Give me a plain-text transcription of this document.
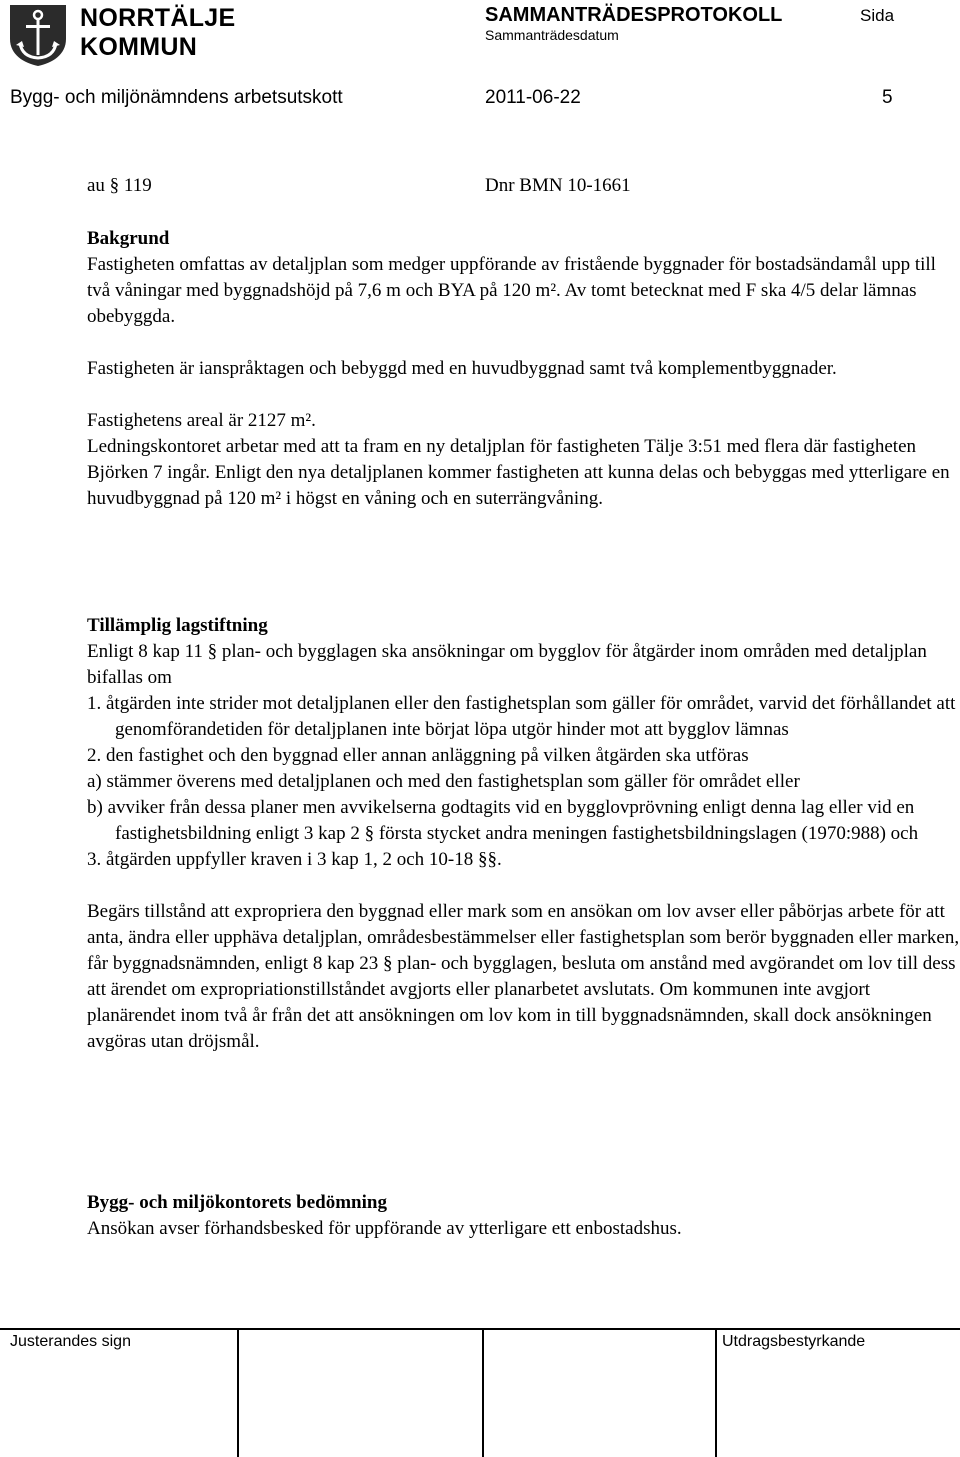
NORRTÄLJE
KOMMUN
SAMMANTRÄDESPROTOKOLL
Sammanträdesdatum
Sida
Bygg- och miljönämndens arbetsutskott	2011-06-22	5
au § 119	Dnr BMN 10-1661

Bakgrund

Fastigheten omfattas av detaljplan som medger uppförande av fristående byggnader för bostadsändamål upp till två våningar med byggnadshöjd på 7,6 m och BYA på 120 m². Av tomt betecknat med F ska 4/5 delar lämnas obebyggda.

Fastigheten är ianspråktagen och bebyggd med en huvudbyggnad samt två komplementbyggnader.

Fastighetens areal är 2127 m².

Ledningskontoret arbetar med att ta fram en ny detaljplan för fastigheten Tälje 3:51 med flera där fastigheten Björken 7 ingår. Enligt den nya detaljplanen kommer fastigheten att kunna delas och bebyggas med ytterligare en huvudbyggnad på 120 m² i högst en våning och en suterrängvåning.

Tillämplig lagstiftning

Enligt 8 kap 11 § plan- och bygglagen ska ansökningar om bygglov för åtgärder inom områden med detaljplan bifallas om

1. åtgärden inte strider mot detaljplanen eller den fastighetsplan som gäller för området, varvid det förhållandet att genomförandetiden för detaljplanen inte börjat löpa utgör hinder mot att bygglov lämnas

2. den fastighet och den byggnad eller annan anläggning på vilken åtgärden ska utföras

a) stämmer överens med detaljplanen och med den fastighetsplan som gäller för området eller

b) avviker från dessa planer men avvikelserna godtagits vid en bygglovprövning enligt denna lag eller vid en fastighetsbildning enligt 3 kap 2 § första stycket andra meningen fastighetsbildningslagen (1970:988) och

3. åtgärden uppfyller kraven i 3 kap 1, 2 och 10-18 §§.

Begärs tillstånd att expropriera den byggnad eller mark som en ansökan om lov avser eller påbörjas arbete för att anta, ändra eller upphäva detaljplan, områdesbestämmelser eller fastighetsplan som berör byggnaden eller marken, får byggnadsnämnden, enligt 8 kap 23 § plan- och bygglagen, besluta om anstånd med avgörandet om lov till dess att ärendet om expropriationstillståndet avgjorts eller planarbetet avslutats. Om kommunen inte avgjort planärendet inom två år från det att ansökningen om lov kom in till byggnadsnämnden, skall dock ansökningen avgöras utan dröjsmål.

Bygg- och miljökontorets bedömning

Ansökan avser förhandsbesked för uppförande av ytterligare ett enbostadshus.

Justerandes sign	Utdragsbestyrkande
